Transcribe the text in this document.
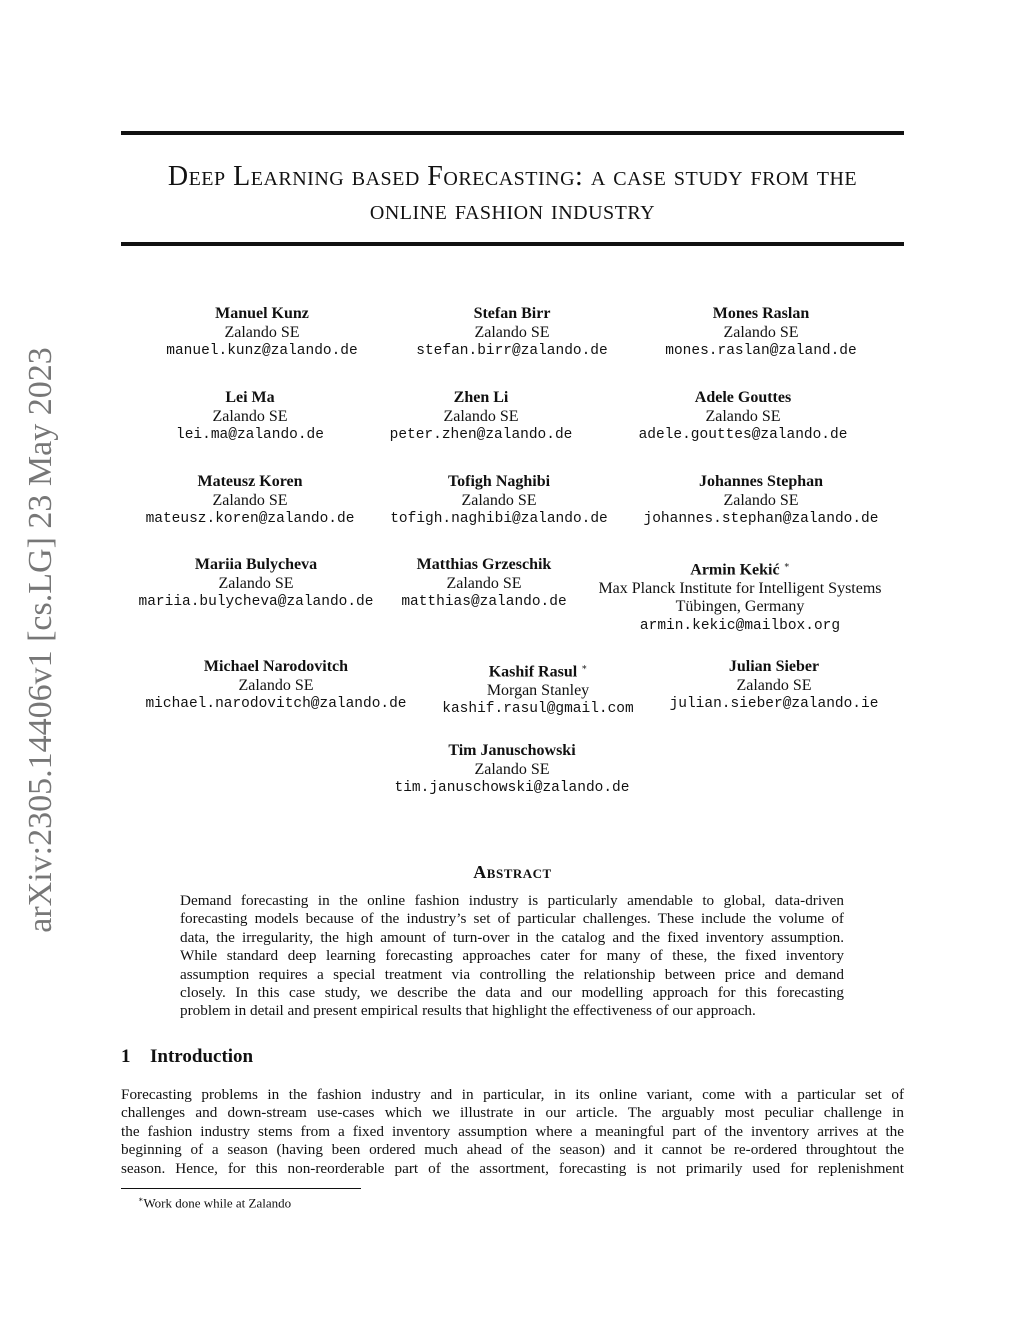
Deep Learning based Forecasting: a case study from the
online fashion industry
arXiv:2305.14406v1 [cs.LG] 23 May 2023
Manuel Kunz
Zalando SE
manuel.kunz@zalando.de
Stefan Birr
Zalando SE
stefan.birr@zalando.de
Mones Raslan
Zalando SE
mones.raslan@zaland.de
Lei Ma
Zalando SE
lei.ma@zalando.de
Zhen Li
Zalando SE
peter.zhen@zalando.de
Adele Gouttes
Zalando SE
adele.gouttes@zalando.de
Mateusz Koren
Zalando SE
mateusz.koren@zalando.de
Tofigh Naghibi
Zalando SE
tofigh.naghibi@zalando.de
Johannes Stephan
Zalando SE
johannes.stephan@zalando.de
Mariia Bulycheva
Zalando SE
mariia.bulycheva@zalando.de
Matthias Grzeschik
Zalando SE
matthias@zalando.de
Armin Kekić ∗
Max Planck Institute for Intelligent Systems
Tübingen, Germany
armin.kekic@mailbox.org
Michael Narodovitch
Zalando SE
michael.narodovitch@zalando.de
Kashif Rasul ∗
Morgan Stanley
kashif.rasul@gmail.com
Julian Sieber
Zalando SE
julian.sieber@zalando.ie
Tim Januschowski
Zalando SE
tim.januschowski@zalando.de
Abstract
Demand forecasting in the online fashion industry is particularly amendable to global, data-driven
forecasting models because of the industry’s set of particular challenges. These include the volume of
data, the irregularity, the high amount of turn-over in the catalog and the fixed inventory assumption.
While standard deep learning forecasting approaches cater for many of these, the fixed inventory
assumption requires a special treatment via controlling the relationship between price and demand
closely. In this case study, we describe the data and our modelling approach for this forecasting
problem in detail and present empirical results that highlight the effectiveness of our approach.
1 Introduction
Forecasting problems in the fashion industry and in particular, in its online variant, come with a particular set of
challenges and down-stream use-cases which we illustrate in our article. The arguably most peculiar challenge in
the fashion industry stems from a fixed inventory assumption where a meaningful part of the inventory arrives at the
beginning of a season (having been ordered much ahead of the season) and it cannot be re-ordered throughtout the
season. Hence, for this non-reorderable part of the assortment, forecasting is not primarily used for replenishment
∗Work done while at Zalando
